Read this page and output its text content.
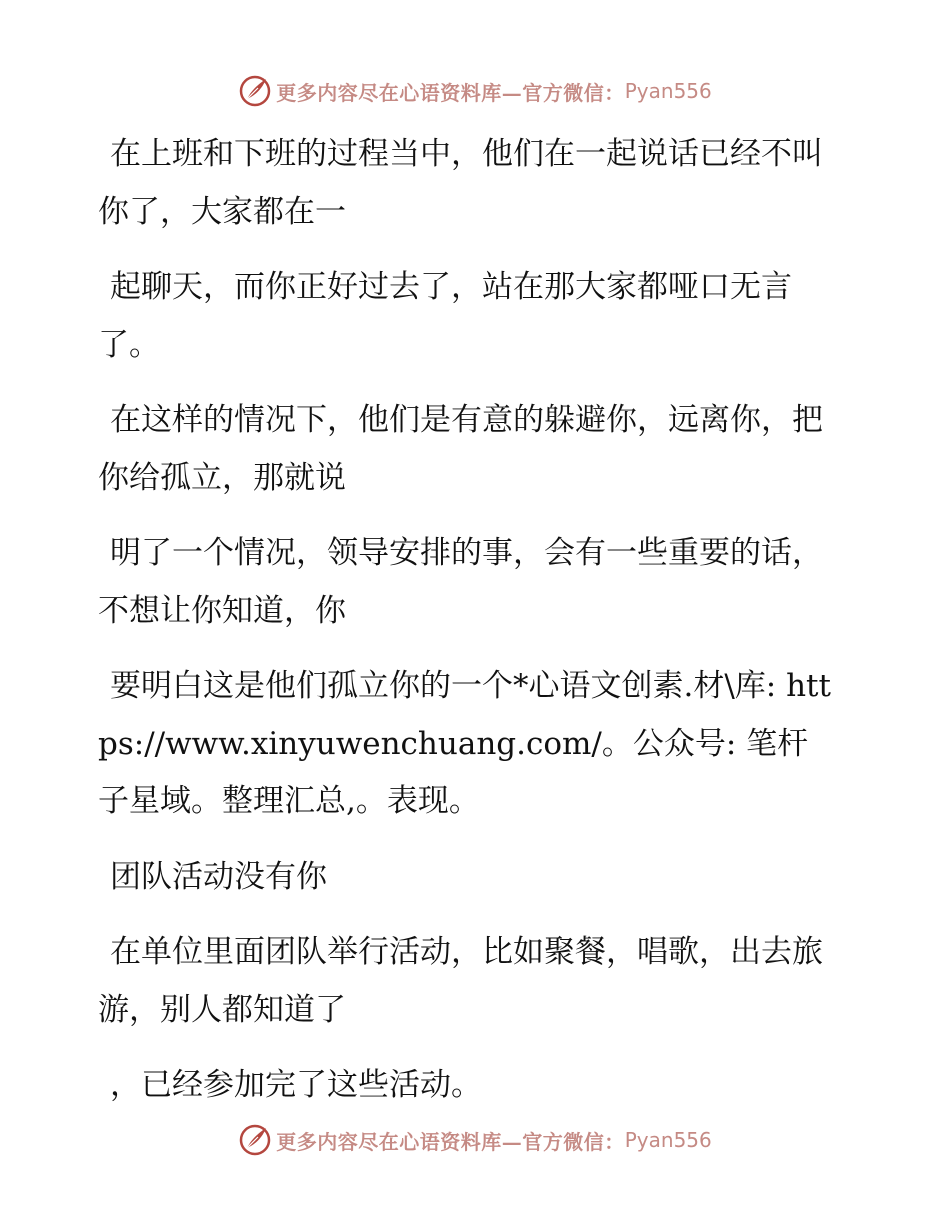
更多内容尽在心语资料库—官方微信： Pyan556

在上班和下班的过程当中，他们在一起说话已经不叫你了，大家都在一

起聊天，而你正好过去了，站在那大家都哑口无言了。

在这样的情况下，他们是有意的躲避你，远离你，把你给孤立，那就说

明了一个情况，领导安排的事，会有一些重要的话，不想让你知道，你

要明白这是他们孤立你的一个*心语文创素.材\库: https://www.xinyuwenchuang.com/。公众号: 笔杆子星域。整理汇总,。表现。

团队活动没有你

在单位里面团队举行活动，比如聚餐，唱歌，出去旅游，别人都知道了

，已经参加完了这些活动。

更多内容尽在心语资料库—官方微信： Pyan556
